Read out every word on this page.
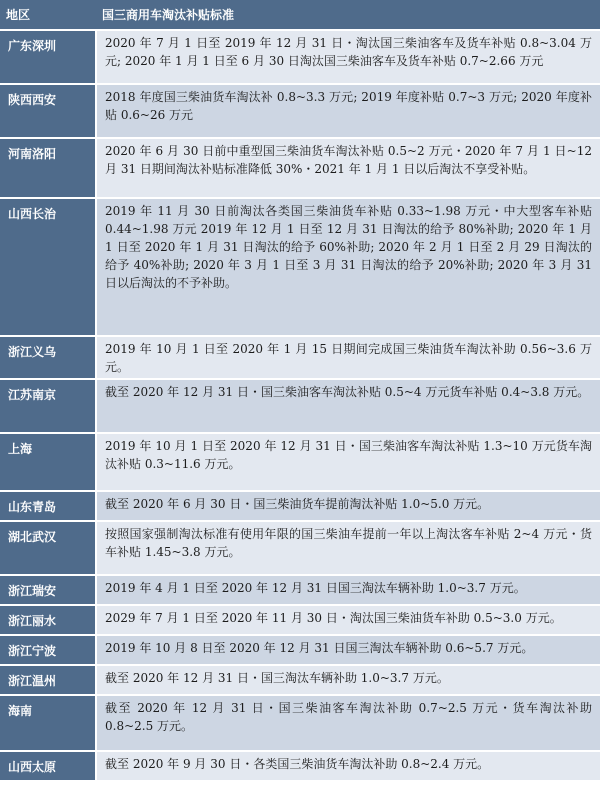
地区	国三商用车淘汰补贴标准
广东深圳	2020 年 7 月 1 日至 2019 年 12 月 31 日・淘汰国三柴油客车及货车补贴 0.8~3.04 万元; 2020 年 1 月 1 日至 6 月 30 日淘汰国三柴油客车及货车补贴 0.7~2.66 万元
陕西西安	2018 年度国三柴油货车淘汰补 0.8~3.3 万元; 2019 年度补贴 0.7~3 万元; 2020 年度补贴 0.6~26 万元
河南洛阳	2020 年 6 月 30 日前中重型国三柴油货车淘汰补贴 0.5~2 万元・2020 年 7 月 1 日~12 月 31 日期间淘汰补贴标准降低 30%・2021 年 1 月 1 日以后淘汰不享受补贴。
山西长治	2019 年 11 月 30 日前淘汰各类国三柴油货车补贴 0.33~1.98 万元・中大型客车补贴 0.44~1.98 万元 2019 年 12 月 1 日至 12 月 31 日淘汰的给予 80%补助; 2020 年 1 月 1 日至 2020 年 1 月 31 日淘汰的给予 60%补助; 2020 年 2 月 1 日至 2 月 29 日淘汰的给予 40%补助; 2020 年 3 月 1 日至 3 月 31 日淘汰的给予 20%补助; 2020 年 3 月 31 日以后淘汰的不予补助。
浙江义乌	2019 年 10 月 1 日至 2020 年 1 月 15 日期间完成国三柴油货车淘汰补助 0.56~3.6 万元。
江苏南京	截至 2020 年 12 月 31 日・国三柴油客车淘汰补贴 0.5~4 万元货车补贴 0.4~3.8 万元。
上海	2019 年 10 月 1 日至 2020 年 12 月 31 日・国三柴油客车淘汰补贴 1.3~10 万元货车淘汰补贴 0.3~11.6 万元。
山东青岛	截至 2020 年 6 月 30 日・国三柴油货车提前淘汰补贴 1.0~5.0 万元。
湖北武汉	按照国家强制淘汰标准有使用年限的国三柴油车提前一年以上淘汰客车补贴 2~4 万元・货车补贴 1.45~3.8 万元。
浙江瑞安	2019 年 4 月 1 日至 2020 年 12 月 31 日国三淘汰车辆补助 1.0~3.7 万元。
浙江丽水	2029 年 7 月 1 日至 2020 年 11 月 30 日・淘汰国三柴油货车补助 0.5~3.0 万元。
浙江宁波	2019 年 10 月 8 日至 2020 年 12 月 31 日国三淘汰车辆补助 0.6~5.7 万元。
浙江温州	截至 2020 年 12 月 31 日・国三淘汰车辆补助 1.0~3.7 万元。
海南	截至 2020 年 12 月 31 日・国三柴油客车淘汰补助 0.7~2.5 万元・货车淘汰补助 0.8~2.5 万元。
山西太原	截至 2020 年 9 月 30 日・各类国三柴油货车淘汰补助 0.8~2.4 万元。
